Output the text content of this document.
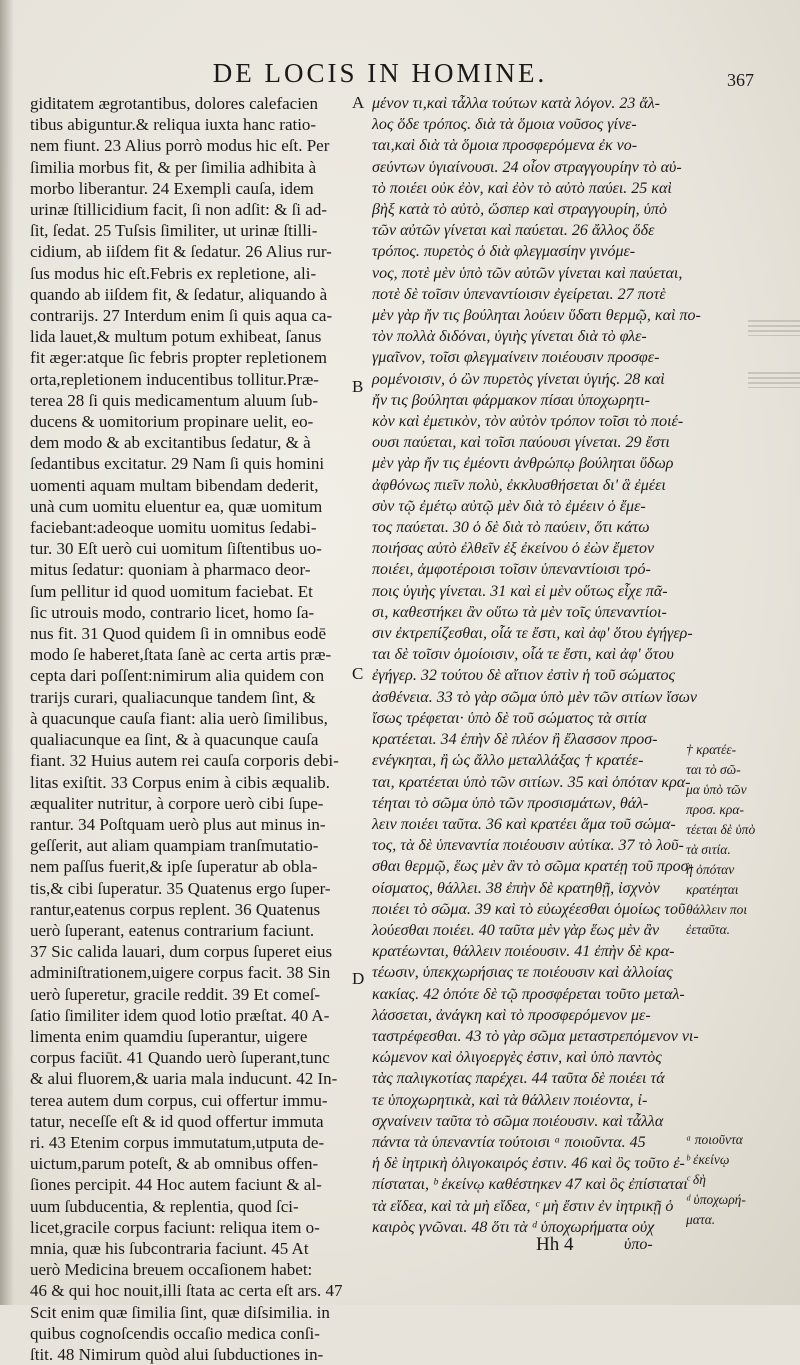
DE LOCIS IN HOMINE.	367
giditatem ægrotantibus, dolores calefacien
tibus abiguntur.& reliqua iuxta hanc ratio-
nem fiunt. 23 Alius porrò modus hic eſt. Per
ſimilia morbus fit, & per ſimilia adhibita à
morbo liberantur. 24 Exempli cauſa, idem
urinæ ſtillicidium facit, ſi non adſit: & ſi ad-
ſit, ſedat. 25 Tuſsis ſimiliter, ut urinæ ſtilli-
cidium, ab iiſdem fit & ſedatur. 26 Alius rur-
ſus modus hic eſt.Febris ex repletione, ali-
quando ab iiſdem fit, & ſedatur, aliquando à
contrarijs. 27 Interdum enim ſi quis aqua ca-
lida lauet,& multum potum exhibeat, ſanus
fit æger:atque ſic febris propter repletionem
orta,repletionem inducentibus tollitur.Præ-
terea 28 ſi quis medicamentum aluum ſub-
ducens & uomitorium propinare uelit, eo-
dem modo & ab excitantibus ſedatur, & à
ſedantibus excitatur. 29 Nam ſi quis homini
uomenti aquam multam bibendam dederit,
unà cum uomitu eluentur ea, quæ uomitum
faciebant:adeoque uomitu uomitus ſedabi-
tur. 30 Eſt uerò cui uomitum ſiſtentibus uo-
mitus ſedatur: quoniam à pharmaco deor-
ſum pellitur id quod uomitum faciebat. Et
ſic utrouis modo, contrario licet, homo ſa-
nus fit. 31 Quod quidem ſi in omnibus eodē
modo ſe haberet,ſtata ſanè ac certa artis præ-
cepta dari poſſent:nimirum alia quidem con
trarijs curari, qualiacunque tandem ſint, &
à quacunque cauſa fiant: alia uerò ſimilibus,
qualiacunque ea ſint, & à quacunque cauſa
fiant. 32 Huius autem rei cauſa corporis debi-
litas exiſtit. 33 Corpus enim à cibis æqualib.
æqualiter nutritur, à corpore uerò cibi ſupe-
rantur. 34 Poſtquam uerò plus aut minus in-
geſſerit, aut aliam quampiam tranſmutatio-
nem paſſus fuerit,& ipſe ſuperatur ab obla-
tis,& cibi ſuperatur. 35 Quatenus ergo ſuper-
rantur,eatenus corpus replent. 36 Quatenus
uerò ſuperant, eatenus contrarium faciunt.
37 Sic calida lauari, dum corpus ſuperet eius
adminiſtrationem,uigere corpus facit. 38 Sin
uerò ſuperetur, gracile reddit. 39 Et comeſ-
ſatio ſimiliter idem quod lotio præſtat. 40 A-
limenta enim quamdiu ſuperantur, uigere
corpus faciūt. 41 Quando uerò ſuperant,tunc
& alui fluorem,& uaria mala inducunt. 42 In-
terea autem dum corpus, cui offertur immu-
tatur, neceſſe eſt & id quod offertur immuta
ri. 43 Etenim corpus immutatum,utputa de-
uictum,parum poteſt, & ab omnibus offen-
ſiones percipit. 44 Hoc autem faciunt & al-
uum ſubducentia, & replentia, quod ſci-
licet,gracile corpus faciunt: reliqua item o-
mnia, quæ his ſubcontraria faciunt. 45 At
uerò Medicina breuem occaſionem habet:
46 & qui hoc nouit,illi ſtata ac certa eſt ars. 47
Scit enim quæ ſimilia ſint, quæ diſsimilia. in
quibus cognoſcendis occaſio medica conſi-
ſtit. 48 Nimirum quòd alui ſubductiones in-
μένον τι,καὶ τἆλλα τούτων κατὰ λόγον. 23 ἄλ-
λος ὅδε τρόπος. διὰ τὰ ὅμοια νοῦσος γίνε-
ται,καὶ διὰ τὰ ὅμοια προσφερόμενα ἐκ νο-
σεύντων ὑγιαίνουσι. 24 οἷον στραγγουρίην τὸ αὐ-
τὸ ποιέει οὐκ ἐὸν, καὶ ἐὸν τὸ αὐτὸ παύει. 25 καὶ
βὴξ κατὰ τὸ αὐτὸ, ὥσπερ καὶ στραγγουρίη, ὑπὸ
τῶν αὐτῶν γίνεται καὶ παύεται. 26 ἄλλος ὅδε
τρόπος. πυρετὸς ὁ διὰ φλεγμασίην γινόμε-
νος, ποτὲ μὲν ὑπὸ τῶν αὐτῶν γίνεται καὶ παύεται,
ποτὲ δὲ τοῖσιν ὑπεναντίοισιν ἐγείρεται. 27 ποτὲ
μὲν γὰρ ἤν τις βούληται λούειν ὕδατι θερμῷ, καὶ πο-
τὸν πολλὰ διδόναι, ὑγιὴς γίνεται διὰ τὸ φλε-
γμαῖνον, τοῖσι φλεγμαίνειν ποιέουσιν προσφε-
ρομένοισιν, ὁ ὢν πυρετὸς γίνεται ὑγιής. 28 καὶ
ἤν τις βούληται φάρμακον πίσαι ὑποχωρητι-
κὸν καὶ ἐμετικὸν, τὸν αὐτὸν τρόπον τοῖσι τὸ ποιέ-
ουσι παύεται, καὶ τοῖσι παύουσι γίνεται. 29 ἔστι
μὲν γὰρ ἤν τις ἐμέοντι ἀνθρώπῳ βούληται ὕδωρ
ἀφθόνως πιεῖν πολὺ, ἐκκλυσθήσεται δι' ἃ ἐμέει
σὺν τῷ ἐμέτῳ αὐτῷ μὲν διὰ τὸ ἐμέειν ὁ ἔμε-
τος παύεται. 30 ὁ δὲ διὰ τὸ παύειν, ὅτι κάτω
ποιήσας αὐτὸ ἐλθεῖν ἐξ ἐκείνου ὁ ἐὼν ἔμετον
ποιέει, ἀμφοτέροισι τοῖσιν ὑπεναντίοισι τρό-
ποις ὑγιὴς γίνεται. 31 καὶ εἰ μὲν οὕτως εἶχε πᾶ-
σι, καθεστήκει ἂν οὕτω τὰ μὲν τοῖς ὑπεναντίοι-
σιν ἐκτρεπίζεσθαι, οἷά τε ἔστι, καὶ ἀφ' ὅτου ἐγήγερ-
ται δὲ τοῖσιν ὁμοίοισιν, οἷά τε ἔστι, καὶ ἀφ' ὅτου
ἐγήγερ. 32 τούτου δὲ αἴτιον ἐστὶν ἡ τοῦ σώματος
ἀσθένεια. 33 τὸ γὰρ σῶμα ὑπὸ μὲν τῶν σιτίων ἴσων
ἴσως τρέφεται· ὑπὸ δὲ τοῦ σώματος τὰ σιτία
κρατέεται. 34 ἐπὴν δὲ πλέον ἢ ἔλασσον προσ-
ενέγκηται, ἢ ὡς ἄλλο μεταλλάξας † κρατέε-
ται, κρατέεται ὑπὸ τῶν σιτίων. 35 καὶ ὁπόταν κρα-
τέηται τὸ σῶμα ὑπὸ τῶν προσισμάτων, θάλ-
λειν ποιέει ταῦτα. 36 καὶ κρατέει ἅμα τοῦ σώμα-
τος, τὰ δὲ ὑπεναντία ποιέουσιν αὐτίκα. 37 τὸ λοῦ-
σθαι θερμῷ, ἕως μὲν ἂν τὸ σῶμα κρατέῃ τοῦ προσ-
οίσματος, θάλλει. 38 ἐπὴν δὲ κρατηθῇ, ἰσχνὸν
ποιέει τὸ σῶμα. 39 καὶ τὸ εὐωχέεσθαι ὁμοίως τοῦ
λούεσθαι ποιέει. 40 ταῦτα μὲν γὰρ ἕως μὲν ἂν
κρατέωνται, θάλλειν ποιέουσιν. 41 ἐπὴν δὲ κρα-
τέωσιν, ὑπεκχωρήσιας τε ποιέουσιν καὶ ἀλλοίας
κακίας. 42 ὁπότε δὲ τῷ προσφέρεται τοῦτο μεταλ-
λάσσεται, ἀνάγκη καὶ τὸ προσφερόμενον με-
ταστρέφεσθαι. 43 τὸ γὰρ σῶμα μεταστρεπόμενον νι-
κώμενον καὶ ὀλιγοεργὲς ἐστιν, καὶ ὑπὸ παντὸς
τὰς παλιγκοτίας παρέχει. 44 ταῦτα δὲ ποιέει τά
τε ὑποχωρητικὰ, καὶ τὰ θάλλειν ποιέοντα, ἰ-
σχναίνειν ταῦτα τὸ σῶμα ποιέουσιν. καὶ τἆλλα
πάντα τὰ ὑπεναντία τούτοισι ᵃ ποιοῦντα. 45
ἡ δὲ ἰητρικὴ ὀλιγοκαιρός ἐστιν. 46 καὶ ὃς τοῦτο ἐ-
πίσταται, ᵇ ἐκείνῳ καθέστηκεν 47 καὶ ὃς ἐπίσταται
τὰ εἴδεα, καὶ τὰ μὴ εἴδεα, ᶜ μὴ ἔστιν ἐν ἰητρικῇ ὁ
καιρὸς γνῶναι. 48 ὅτι τὰ ᵈ ὑποχωρήματα οὐχ
A
B
C
D
† κρατέε-
ται τὸ σῶ-
μα ὑπὸ τῶν
προσ. κρα-
τέεται δὲ ὑπὸ
τὰ σιτία.
ἢ ὁπόταν
κρατέηται
θάλλειν ποι
ἐεταῦτα.
ᵃ ποιοῦντα
ᵇ ἐκείνῳ
ᶜ δὴ
ᵈ ὑποχωρή-
ματα.
Hh 4	ὑπο-
